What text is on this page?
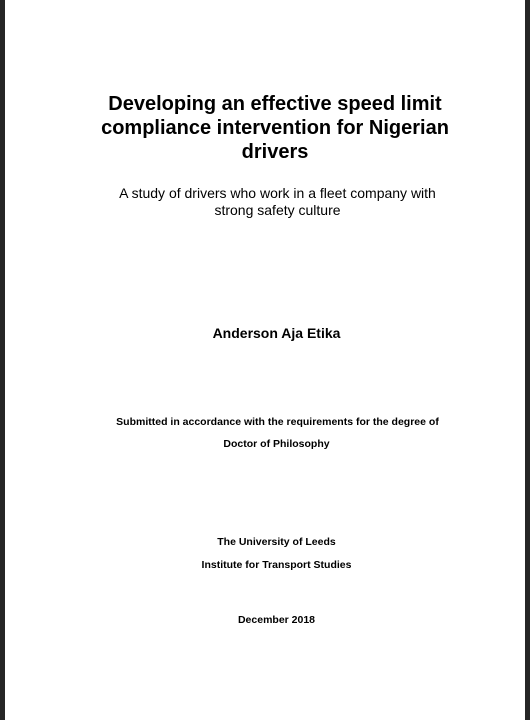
Developing an effective speed limit compliance intervention for Nigerian drivers
A study of drivers who work in a fleet company with strong safety culture
Anderson Aja Etika
Submitted in accordance with the requirements for the degree of
Doctor of Philosophy
The University of Leeds
Institute for Transport Studies
December 2018
